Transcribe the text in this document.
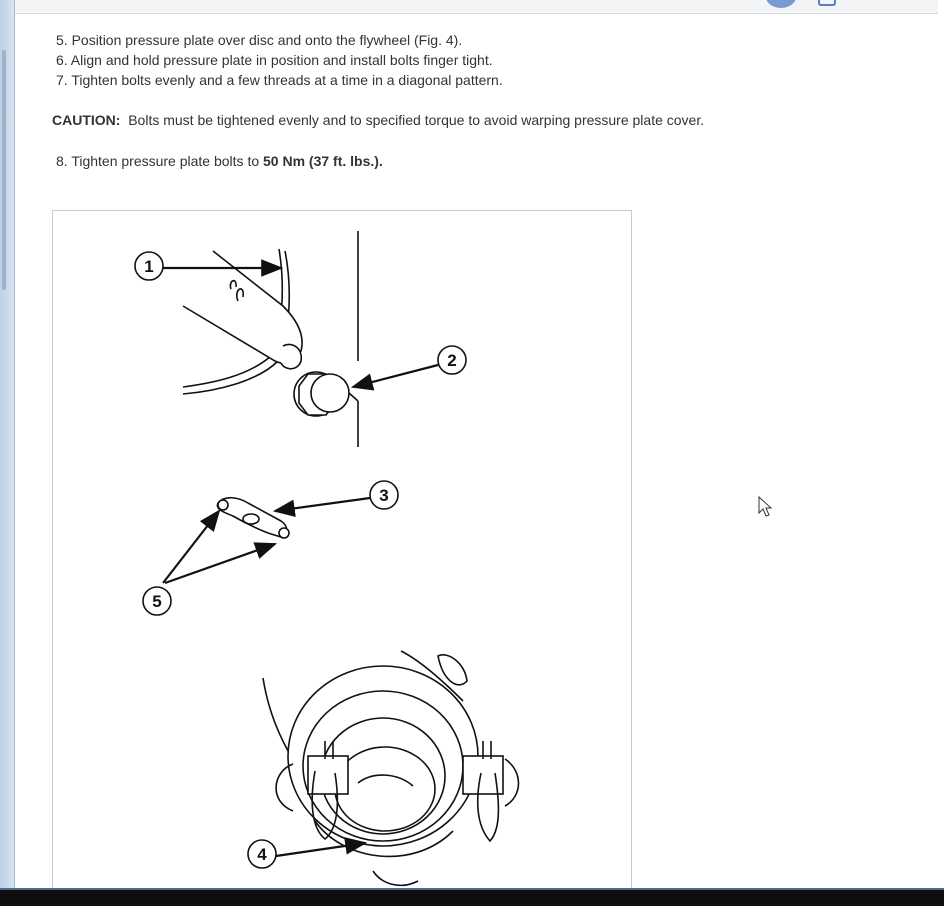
5. Position pressure plate over disc and onto the flywheel (Fig. 4).
6. Align and hold pressure plate in position and install bolts finger tight.
7. Tighten bolts evenly and a few threads at a time in a diagonal pattern.
CAUTION: Bolts must be tightened evenly and to specified torque to avoid warping pressure plate cover.
8. Tighten pressure plate bolts to 50 Nm (37 ft. lbs.).
1
2
3
5
4
